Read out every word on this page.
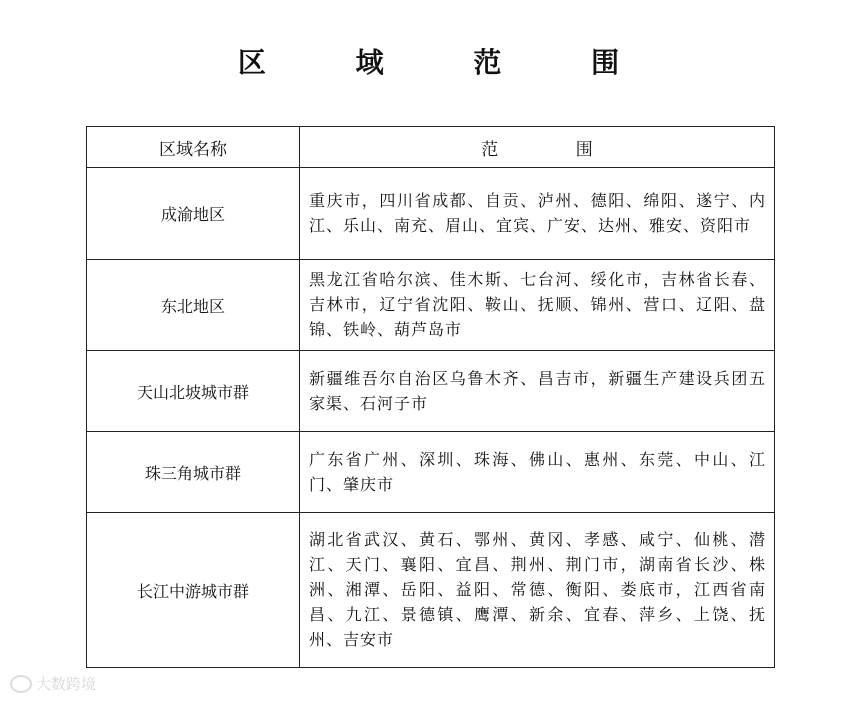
区 域 范 围
区域名称	范 围
成渝地区	重庆市，四川省成都、自贡、泸州、德阳、绵阳、遂宁、内江、乐山、南充、眉山、宜宾、广安、达州、雅安、资阳市
东北地区	黑龙江省哈尔滨、佳木斯、七台河、绥化市，吉林省长春、吉林市，辽宁省沈阳、鞍山、抚顺、锦州、营口、辽阳、盘锦、铁岭、葫芦岛市
天山北坡城市群	新疆维吾尔自治区乌鲁木齐、昌吉市，新疆生产建设兵团五家渠、石河子市
珠三角城市群	广东省广州、深圳、珠海、佛山、惠州、东莞、中山、江门、肇庆市
长江中游城市群	湖北省武汉、黄石、鄂州、黄冈、孝感、咸宁、仙桃、潜江、天门、襄阳、宜昌、荆州、荆门市，湖南省长沙、株洲、湘潭、岳阳、益阳、常德、衡阳、娄底市，江西省南昌、九江、景德镇、鹰潭、新余、宜春、萍乡、上饶、抚州、吉安市
大数跨境
